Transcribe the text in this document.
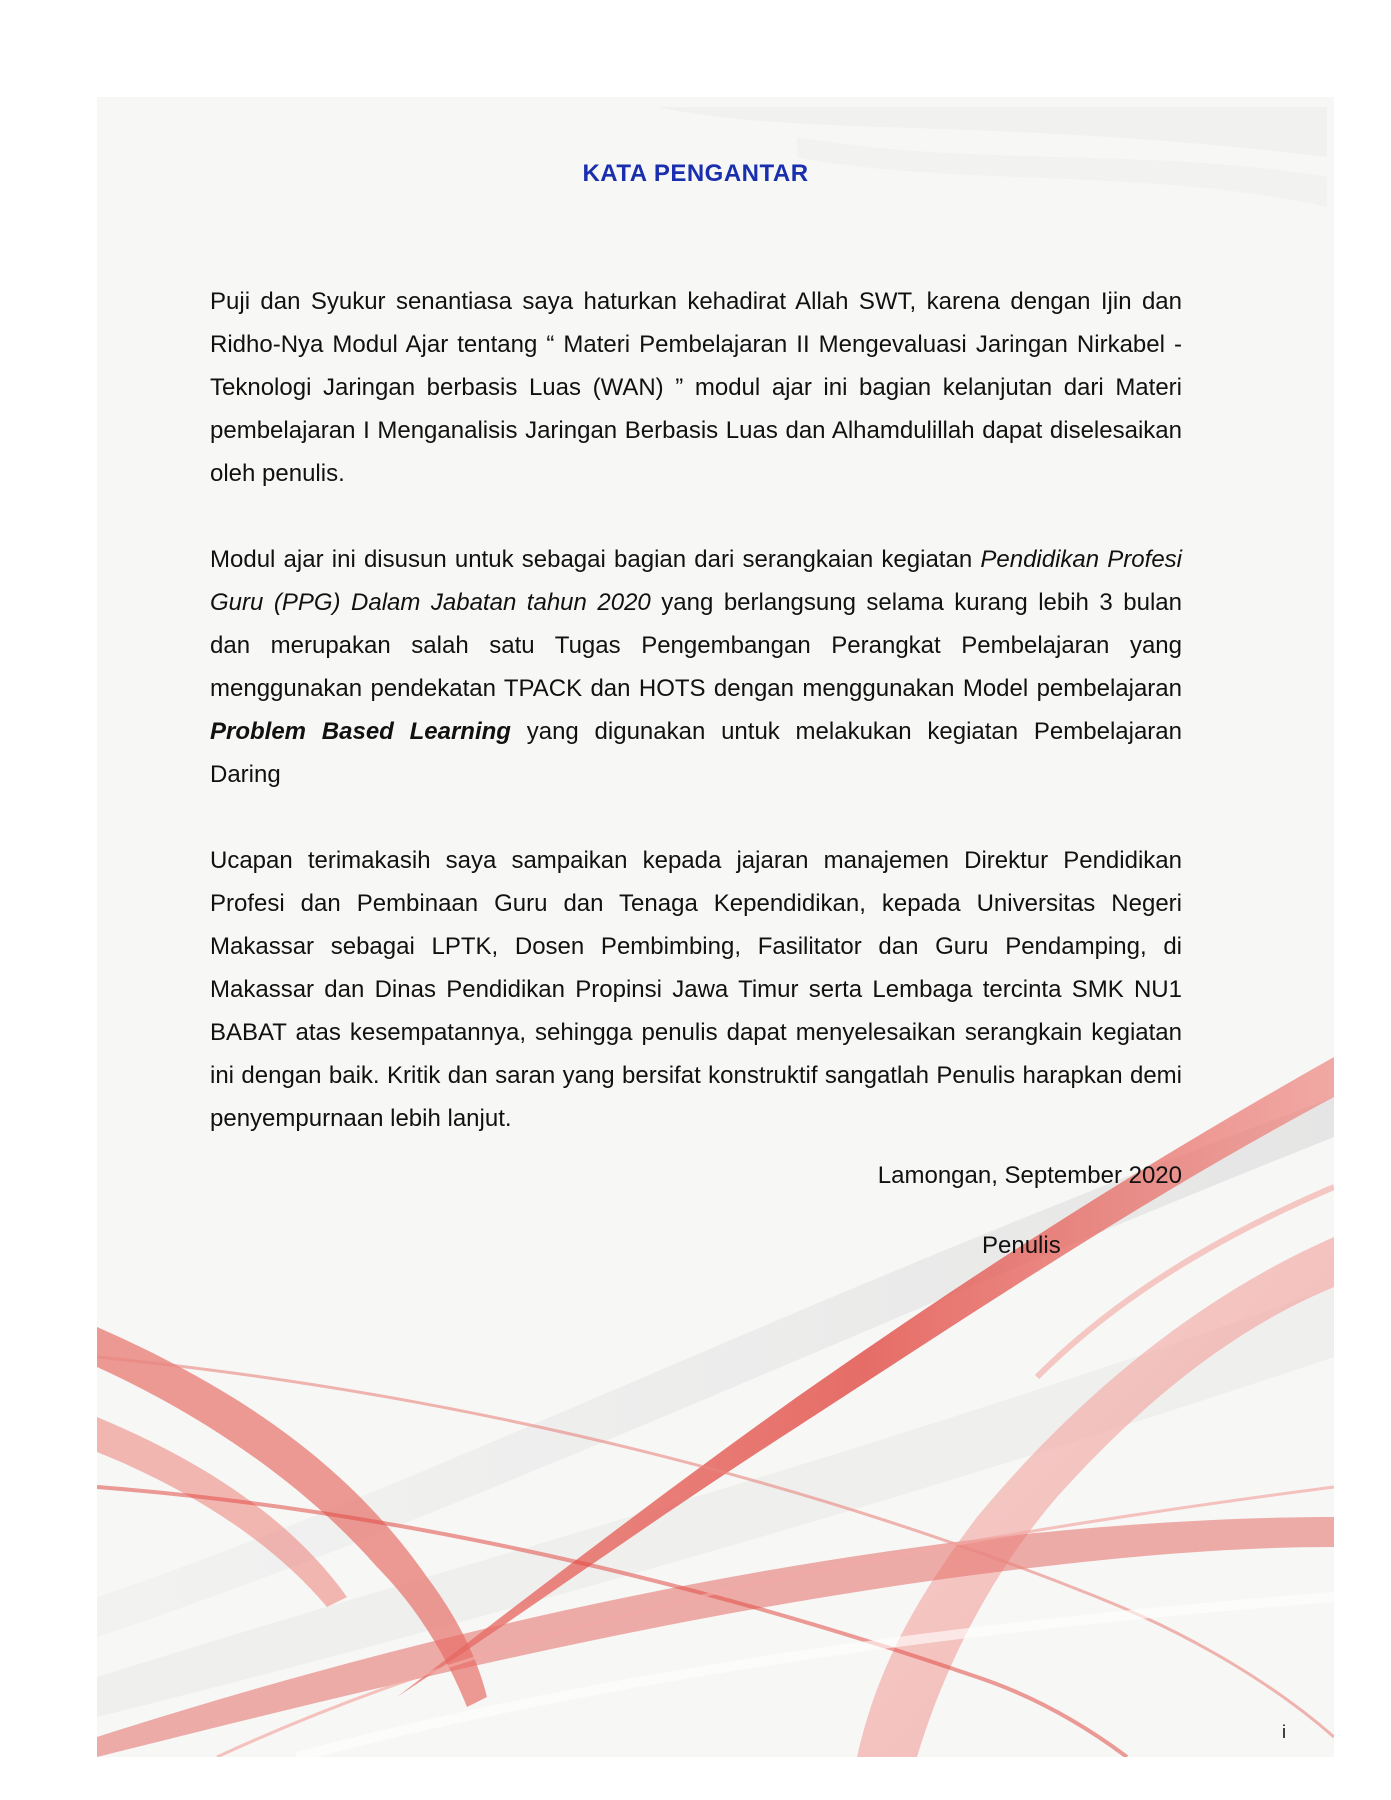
KATA PENGANTAR

Puji dan Syukur senantiasa saya haturkan kehadirat Allah SWT, karena dengan Ijin dan Ridho-Nya Modul Ajar tentang “ Materi Pembelajaran II Mengevaluasi Jaringan Nirkabel - Teknologi Jaringan berbasis Luas (WAN) ” modul ajar ini bagian kelanjutan dari Materi pembelajaran I Menganalisis Jaringan Berbasis Luas dan Alhamdulillah dapat diselesaikan oleh penulis.

Modul ajar ini disusun untuk sebagai bagian dari serangkaian kegiatan Pendidikan Profesi Guru (PPG) Dalam Jabatan tahun 2020 yang berlangsung selama kurang lebih 3 bulan dan merupakan salah satu Tugas Pengembangan Perangkat Pembelajaran yang menggunakan pendekatan TPACK dan HOTS dengan menggunakan Model pembelajaran Problem Based Learning yang digunakan untuk melakukan kegiatan Pembelajaran Daring

Ucapan terimakasih saya sampaikan kepada jajaran manajemen Direktur Pendidikan Profesi dan Pembinaan Guru dan Tenaga Kependidikan, kepada Universitas Negeri Makassar sebagai LPTK, Dosen Pembimbing, Fasilitator dan Guru Pendamping, di Makassar dan Dinas Pendidikan Propinsi Jawa Timur serta Lembaga tercinta SMK NU1 BABAT atas kesempatannya, sehingga penulis dapat menyelesaikan serangkain kegiatan ini dengan baik. Kritik dan saran yang bersifat konstruktif sangatlah Penulis harapkan demi penyempurnaan lebih lanjut.

Lamongan, September 2020
Penulis
i
